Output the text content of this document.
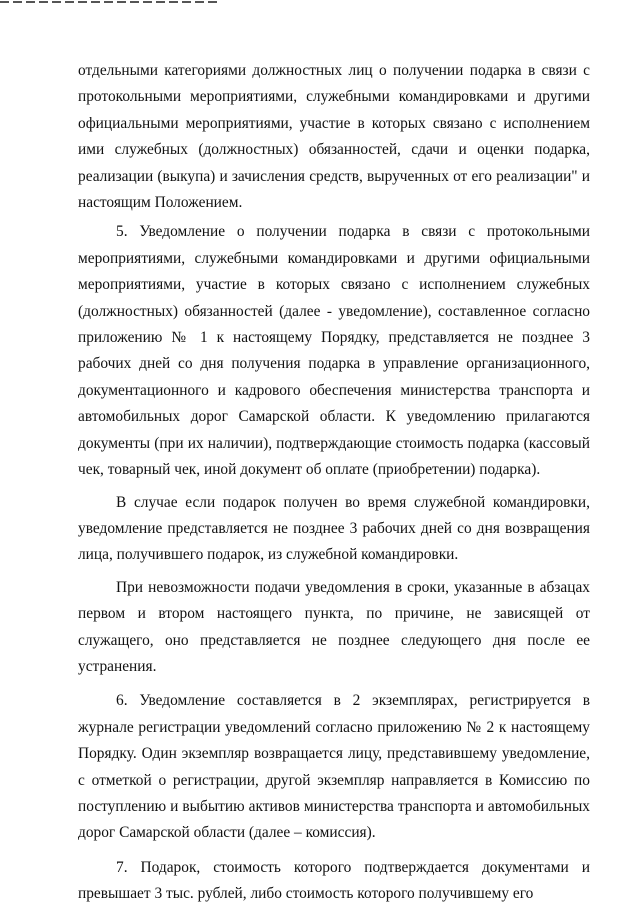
отдельными категориями должностных лиц о получении подарка в связи с протокольными мероприятиями, служебными командировками и другими официальными мероприятиями, участие в которых связано с исполнением ими служебных (должностных) обязанностей, сдачи и оценки подарка, реализации (выкупа) и зачисления средств, вырученных от его реализации" и настоящим Положением.

5. Уведомление о получении подарка в связи с протокольными мероприятиями, служебными командировками и другими официальными мероприятиями, участие в которых связано с исполнением служебных (должностных) обязанностей (далее - уведомление), составленное согласно приложению № 1 к настоящему Порядку, представляется не позднее 3 рабочих дней со дня получения подарка в управление организационного, документационного и кадрового обеспечения министерства транспорта и автомобильных дорог Самарской области. К уведомлению прилагаются документы (при их наличии), подтверждающие стоимость подарка (кассовый чек, товарный чек, иной документ об оплате (приобретении) подарка).

В случае если подарок получен во время служебной командировки, уведомление представляется не позднее 3 рабочих дней со дня возвращения лица, получившего подарок, из служебной командировки.

При невозможности подачи уведомления в сроки, указанные в абзацах первом и втором настоящего пункта, по причине, не зависящей от служащего, оно представляется не позднее следующего дня после ее устранения.

6. Уведомление составляется в 2 экземплярах, регистрируется в журнале регистрации уведомлений согласно приложению № 2 к настоящему Порядку. Один экземпляр возвращается лицу, представившему уведомление, с отметкой о регистрации, другой экземпляр направляется в Комиссию по поступлению и выбытию активов министерства транспорта и автомобильных дорог Самарской области (далее – комиссия).

7. Подарок, стоимость которого подтверждается документами и превышает 3 тыс. рублей, либо стоимость которого получившему его
